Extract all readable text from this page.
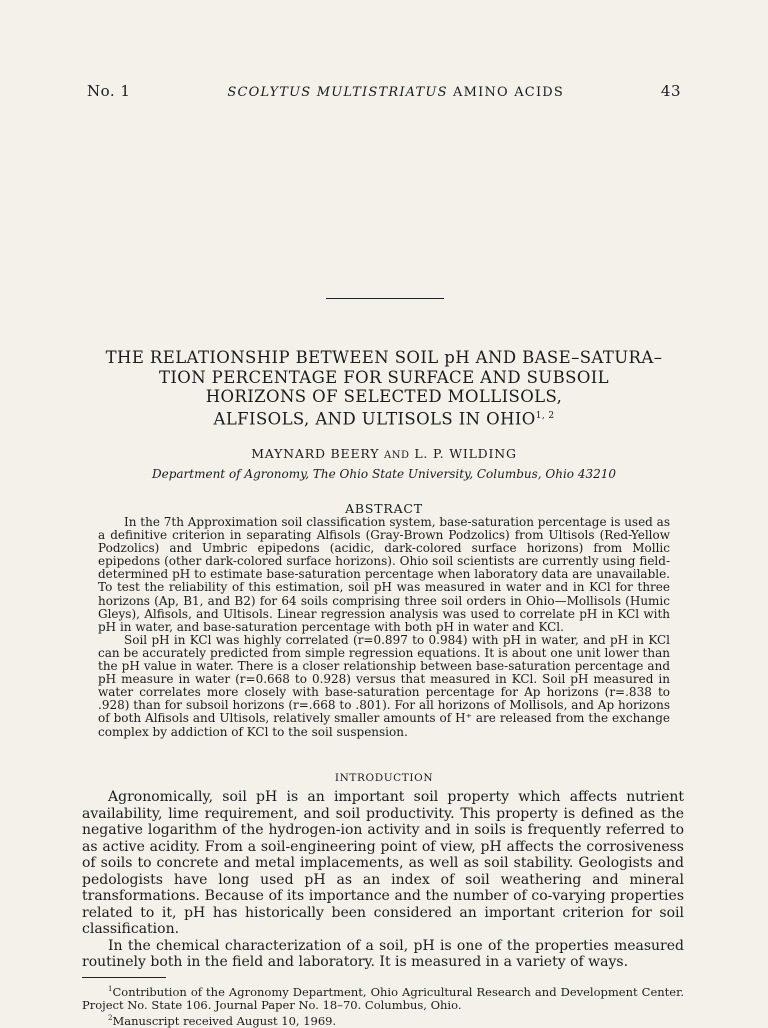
No. 1	SCOLYTUS MULTISTRIATUS AMINO ACIDS	43
THE RELATIONSHIP BETWEEN SOIL pH AND BASE–SATURA–
TION PERCENTAGE FOR SURFACE AND SUBSOIL
HORIZONS OF SELECTED MOLLISOLS,
ALFISOLS, AND ULTISOLS IN OHIO$^{1, 2}$
MAYNARD BEERY AND L. P. WILDING
Department of Agronomy, The Ohio State University, Columbus, Ohio 43210
ABSTRACT

In the 7th Approximation soil classification system, base-saturation percentage is used as a definitive criterion in separating Alfisols (Gray-Brown Podzolics) from Ultisols (Red-Yellow Podzolics) and Umbric epipedons (acidic, dark-colored surface horizons) from Mollic epipedons (other dark-colored surface horizons). Ohio soil scientists are currently using field-determined pH to estimate base-saturation percentage when laboratory data are unavailable. To test the reliability of this estimation, soil pH was measured in water and in KCl for three horizons (Ap, B1, and B2) for 64 soils comprising three soil orders in Ohio—Mollisols (Humic Gleys), Alfisols, and Ultisols. Linear regression analysis was used to correlate pH in KCl with pH in water, and base-saturation percentage with both pH in water and KCl.

Soil pH in KCl was highly correlated (r=0.897 to 0.984) with pH in water, and pH in KCl can be accurately predicted from simple regression equations. It is about one unit lower than the pH value in water. There is a closer relationship between base-saturation percentage and pH measure in water (r=0.668 to 0.928) versus that measured in KCl. Soil pH measured in water correlates more closely with base-saturation percentage for Ap horizons (r=.838 to .928) than for subsoil horizons (r=.668 to .801). For all horizons of Mollisols, and Ap horizons of both Alfisols and Ultisols, relatively smaller amounts of H⁺ are released from the exchange complex by addiction of KCl to the soil suspension.

INTRODUCTION

Agronomically, soil pH is an important soil property which affects nutrient availability, lime requirement, and soil productivity. This property is defined as the negative logarithm of the hydrogen-ion activity and in soils is frequently referred to as active acidity. From a soil-engineering point of view, pH affects the corrosiveness of soils to concrete and metal implacements, as well as soil stability. Geologists and pedologists have long used pH as an index of soil weathering and mineral transformations. Because of its importance and the number of co-varying properties related to it, pH has historically been considered an important criterion for soil classification.

In the chemical characterization of a soil, pH is one of the properties measured routinely both in the field and laboratory. It is measured in a variety of ways.

$^1$Contribution of the Agronomy Department, Ohio Agricultural Research and Development Center. Project No. State 106. Journal Paper No. 18–70. Columbus, Ohio.

$^2$Manuscript received August 10, 1969.
